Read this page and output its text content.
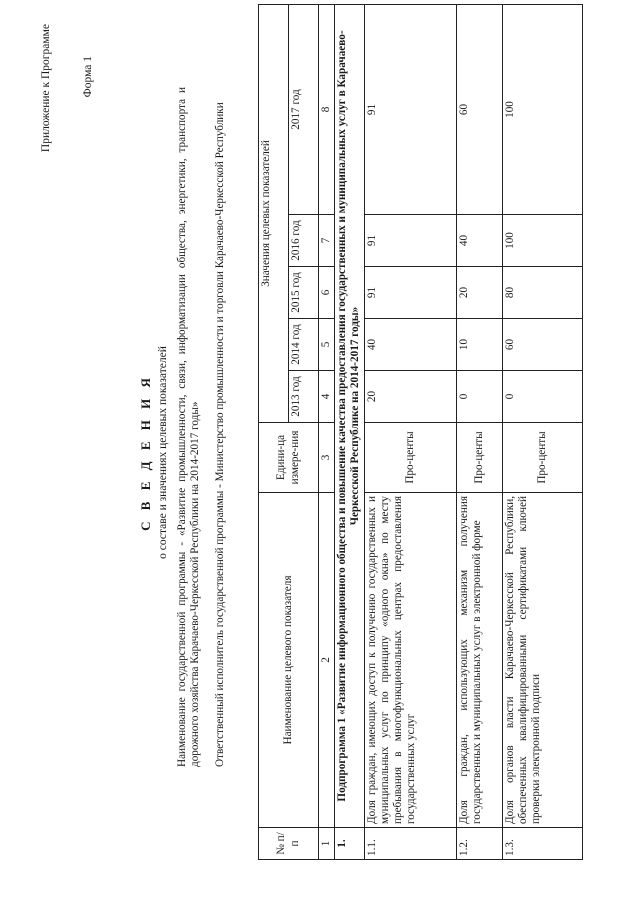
Приложение к Программе	Форма 1
С В Е Д Е Н И Я о составе и значениях целевых показателей Наименование государственной программы - «Развитие промышленности, связи, информатизации общества, энергетики, транспорта и дорожного хозяйства Карачаево-Черкесской Республики на 2014-2017 годы» Ответственный исполнитель государственной программы - Министерство промышленности и торговли Карачаево-Черкесской Республики
№ п/п	Наименование целевого показателя	Едини-ца измере-ния	Значения целевых показателей				
			2013 год	2014 год	2015 год	2016 год	2017 год
1	2	3	4	5	6	7	8
1.	Подпрограмма 1 «Развитие информационного общества и повышение качества предоставления государственных и муниципальных услуг в Карачаево-Черкесской Республике на 2014-2017 годы»						
1.1.	Доля граждан, имеющих доступ к получению государственных и муниципальных услуг по принципу «одного окна» по месту пребывания в многофункциональных центрах предоставления государственных услуг	Про-центы	20	40	91	91	91
1.2.	Доля граждан, использующих механизм получения государственных и муниципальных услуг в электронной форме	Про-центы	0	10	20	40	60
1.3.	Доля органов власти Карачаево-Черкесской Республики, обеспеченных квалифицированными сертификатами ключей проверки электронной подписи	Про-центы	0	60	80	100	100
